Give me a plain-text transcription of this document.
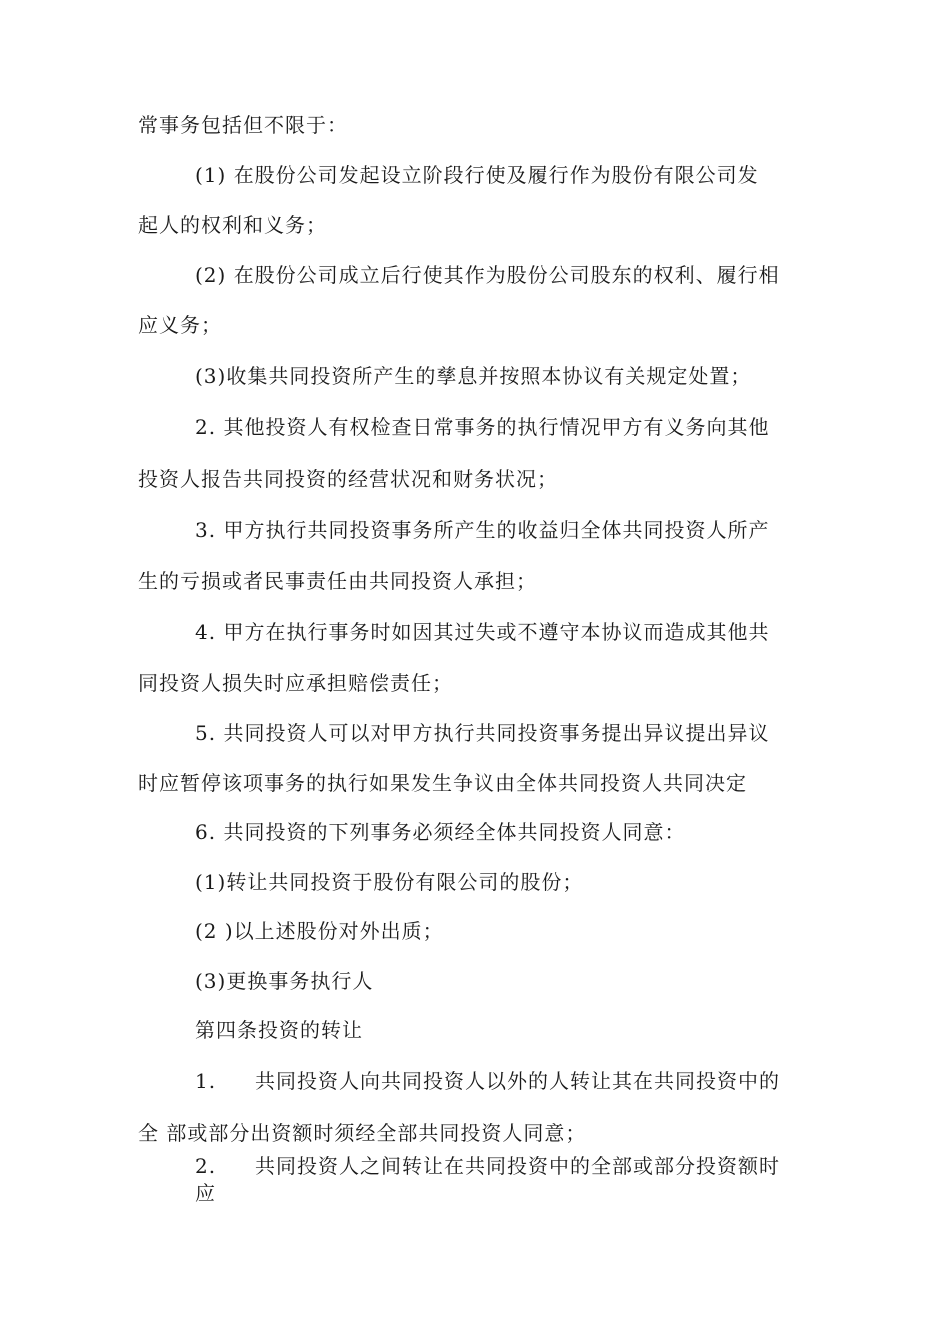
常事务包括但不限于：
(1) 在股份公司发起设立阶段行使及履行作为股份有限公司发
起人的权利和义务；
(2) 在股份公司成立后行使其作为股份公司股东的权利、履行相
应义务；
(3)收集共同投资所产生的孳息并按照本协议有关规定处置；
2. 其他投资人有权检查日常事务的执行情况甲方有义务向其他
投资人报告共同投资的经营状况和财务状况；
3. 甲方执行共同投资事务所产生的收益归全体共同投资人所产
生的亏损或者民事责任由共同投资人承担；
4. 甲方在执行事务时如因其过失或不遵守本协议而造成其他共
同投资人损失时应承担赔偿责任；
5. 共同投资人可以对甲方执行共同投资事务提出异议提出异议
时应暂停该项事务的执行如果发生争议由全体共同投资人共同决定
6. 共同投资的下列事务必须经全体共同投资人同意：
(1)转让共同投资于股份有限公司的股份；
(2 )以上述股份对外出质；
(3)更换事务执行人
第四条投资的转让
1. 共同投资人向共同投资人以外的人转让其在共同投资中的
全 部或部分出资额时须经全部共同投资人同意；
2. 共同投资人之间转让在共同投资中的全部或部分投资额时
应
